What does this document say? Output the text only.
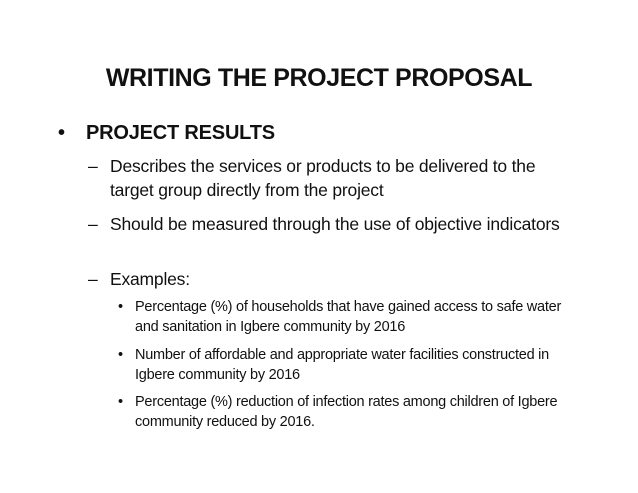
WRITING THE PROJECT PROPOSAL
• PROJECT RESULTS
– Describes the services or products to be delivered to the target group directly from the project
– Should be measured through the use of objective indicators
– Examples:
• Percentage (%) of households that have gained access to safe water and sanitation in Igbere community by 2016
• Number of affordable and appropriate water facilities constructed in Igbere community by 2016
• Percentage (%) reduction of infection rates among children of Igbere community reduced by 2016.
